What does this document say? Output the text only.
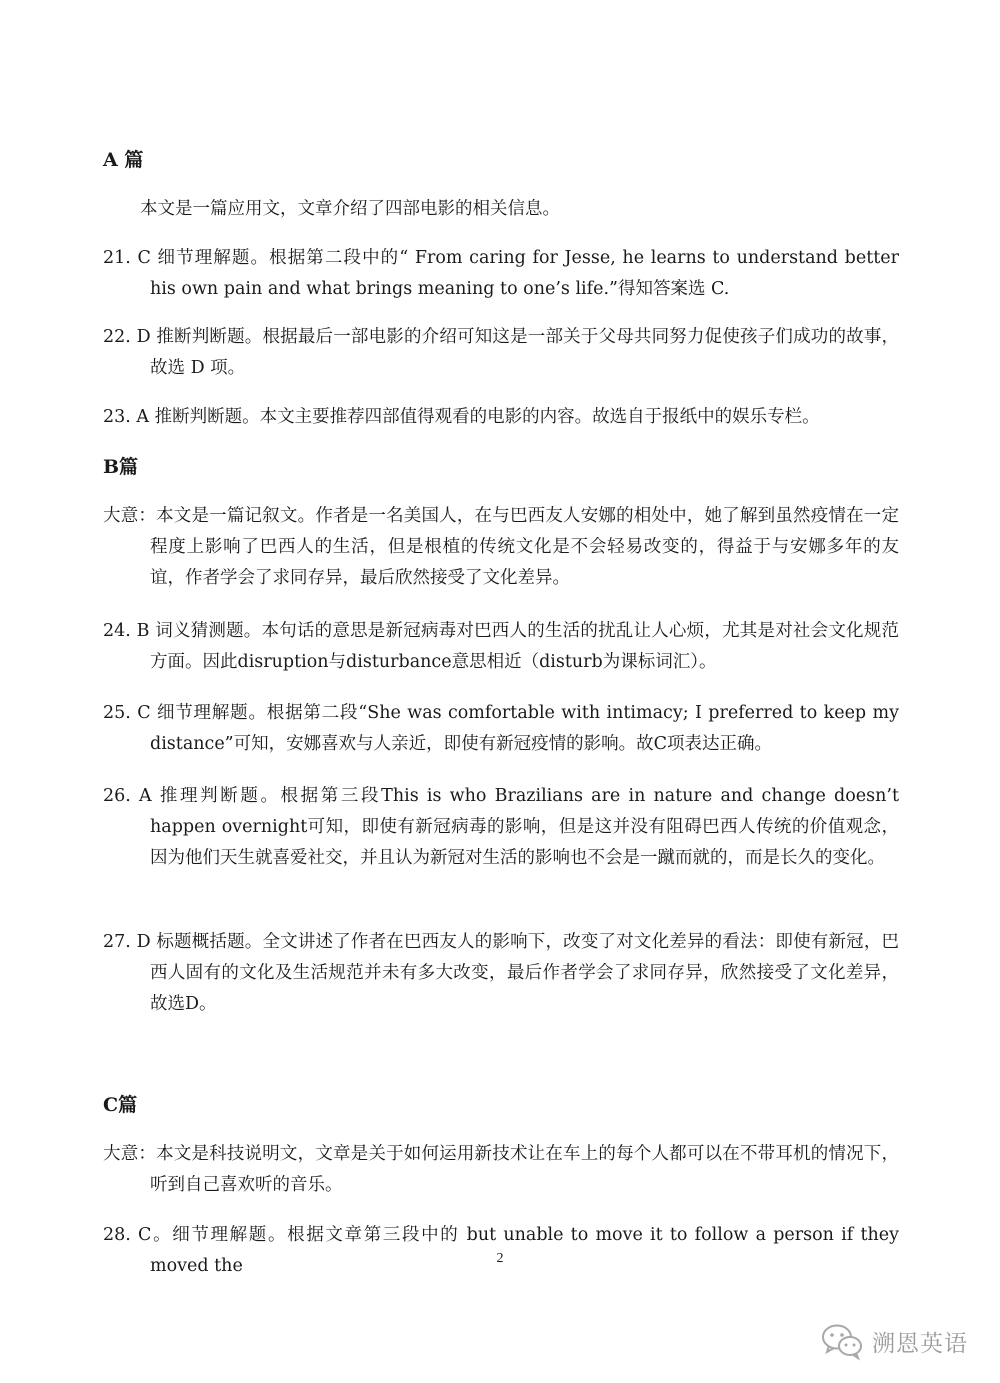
A 篇
本文是一篇应用文，文章介绍了四部电影的相关信息。
21. C 细节理解题。根据第二段中的“ From caring for Jesse, he learns to understand better his own pain and what brings meaning to one’s life.”得知答案选 C.
22. D 推断判断题。根据最后一部电影的介绍可知这是一部关于父母共同努力促使孩子们成功的故事，故选 D 项。
23. A 推断判断题。本文主要推荐四部值得观看的电影的内容。故选自于报纸中的娱乐专栏。
B篇
大意：本文是一篇记叙文。作者是一名美国人，在与巴西友人安娜的相处中，她了解到虽然疫情在一定程度上影响了巴西人的生活，但是根植的传统文化是不会轻易改变的，得益于与安娜多年的友谊，作者学会了求同存异，最后欣然接受了文化差异。
24. B 词义猜测题。本句话的意思是新冠病毒对巴西人的生活的扰乱让人心烦，尤其是对社会文化规范方面。因此disruption与disturbance意思相近（disturb为课标词汇）。
25. C 细节理解题。根据第二段“She was comfortable with intimacy; I preferred to keep my distance”可知，安娜喜欢与人亲近，即使有新冠疫情的影响。故C项表达正确。
26. A 推理判断题。根据第三段This is who Brazilians are in nature and change doesn’t happen overnight可知，即使有新冠病毒的影响，但是这并没有阻碍巴西人传统的价值观念，因为他们天生就喜爱社交，并且认为新冠对生活的影响也不会是一蹴而就的，而是长久的变化。
27. D 标题概括题。全文讲述了作者在巴西友人的影响下，改变了对文化差异的看法：即使有新冠，巴西人固有的文化及生活规范并未有多大改变，最后作者学会了求同存异，欣然接受了文化差异，故选D。
C篇
大意：本文是科技说明文，文章是关于如何运用新技术让在车上的每个人都可以在不带耳机的情况下，听到自己喜欢听的音乐。
28. C。细节理解题。根据文章第三段中的 but unable to move it to follow a person if they moved the	2
溯恩英语
